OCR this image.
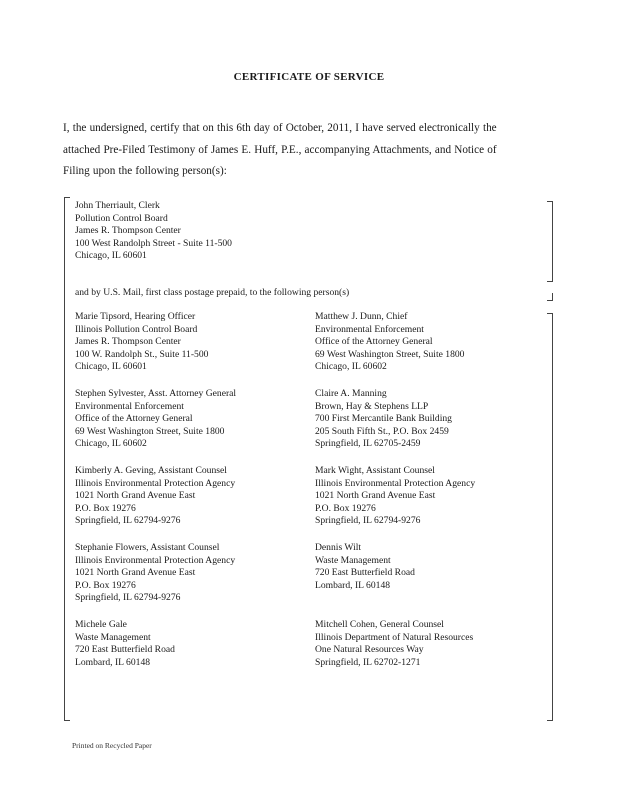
CERTIFICATE OF SERVICE
I, the undersigned, certify that on this 6th day of October, 2011, I have served electronically the
attached Pre-Filed Testimony of James E. Huff, P.E., accompanying Attachments, and Notice of
Filing upon the following person(s):
John Therriault, Clerk
Pollution Control Board
James R. Thompson Center
100 West Randolph Street - Suite 11-500
Chicago, IL 60601
and by U.S. Mail, first class postage prepaid, to the following person(s)
Marie Tipsord, Hearing Officer
Illinois Pollution Control Board
James R. Thompson Center
100 W. Randolph St., Suite 11-500
Chicago, IL 60601
Stephen Sylvester, Asst. Attorney General
Environmental Enforcement
Office of the Attorney General
69 West Washington Street, Suite 1800
Chicago, IL 60602
Kimberly A. Geving, Assistant Counsel
Illinois Environmental Protection Agency
1021 North Grand Avenue East
P.O. Box 19276
Springfield, IL 62794-9276
Stephanie Flowers, Assistant Counsel
Illinois Environmental Protection Agency
1021 North Grand Avenue East
P.O. Box 19276
Springfield, IL 62794-9276
Michele Gale
Waste Management
720 East Butterfield Road
Lombard, IL 60148
Matthew J. Dunn, Chief
Environmental Enforcement
Office of the Attorney General
69 West Washington Street, Suite 1800
Chicago, IL 60602
Claire A. Manning
Brown, Hay & Stephens LLP
700 First Mercantile Bank Building
205 South Fifth St., P.O. Box 2459
Springfield, IL 62705-2459
Mark Wight, Assistant Counsel
Illinois Environmental Protection Agency
1021 North Grand Avenue East
P.O. Box 19276
Springfield, IL 62794-9276
Dennis Wilt
Waste Management
720 East Butterfield Road
Lombard, IL 60148
Mitchell Cohen, General Counsel
Illinois Department of Natural Resources
One Natural Resources Way
Springfield, IL 62702-1271
Printed on Recycled Paper
